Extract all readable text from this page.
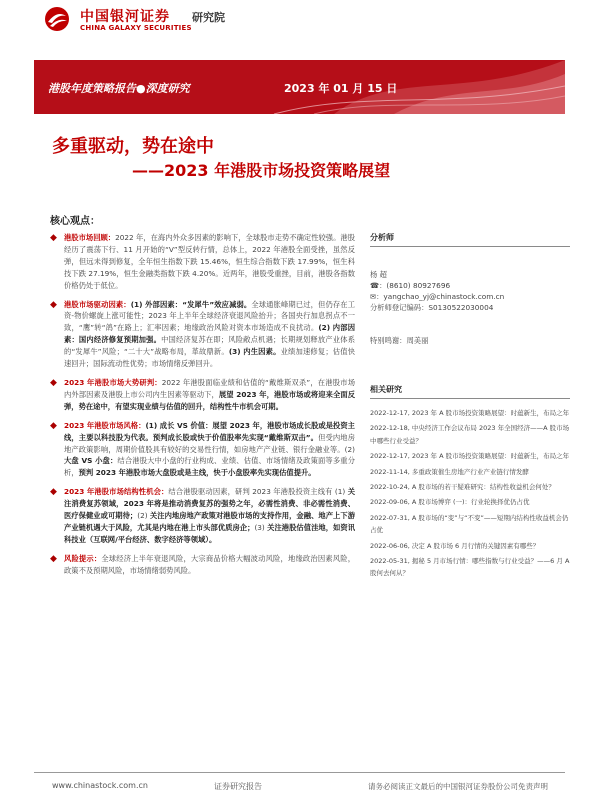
中国银河证券
CHINA GALAXY SECURITIES
研究院
港股年度策略报告●深度研究	2023 年 01 月 15 日
多重驱动，势在途中
——2023 年港股市场投资策略展望
核心观点：
◆ 港股市场回顾：2022 年，在海内外众多因素的影响下，全球股市走势不确定性较强。港股经历了震荡下行、11 月开始的“V”型反转行情，总体上，2022 年港股全面受挫，虽然反弹，但远未得到修复，全年恒生指数下跌 15.46%，恒生综合指数下跌 17.99%，恒生科技下跌 27.19%，恒生金融类指数下跌 4.20%。近两年，港股受重挫，目前，港股各指数价格仍处于低位。
◆ 港股市场驱动因素：(1) 外部因素：“发犀牛”效应减弱。全球通胀峰期已过，但仍存在工资-物价螺旋上涨可能性；2023 年上半年全球经济衰退风险抬升；各国央行加息拐点不一致，“鹰”转“鸽”在路上；汇率因素；地缘政治风险对资本市场造成不良扰动。(2) 内部因素：国内经济修复预期加强。中国经济复苏在即；风险敞点机遇；长期规划释放产业体系的“发犀牛”风险；“二十大”战略布局，革故鼎新。(3) 内生因素。业绩加速修复；估值快速回升；国际流动性优势；市场情绪反弹回升。
◆ 2023 年港股市场大势研判：2022 年港股面临业绩和估值的“戴维斯双杀”，在港股市场内外部因素及港股上市公司内生因素等驱动下，展望 2023 年，港股市场或将迎来全面反弹，势在途中，有望实现业绩与估值的回升，结构性牛市机会可期。
◆ 2023 年港股市场风格：(1) 成长 VS 价值：展望 2023 年，港股市场成长股或是投资主线，主要以科技股为代表。预判成长股或快于价值股率先实现“戴维斯双击”。但受内地房地产政策影响，周期价值股具有较好的交易性行情，如房地产产业链、银行金融业等。(2) 大盘 VS 小盘：结合港股大中小盘的行业构成、业绩、估值、市场情绪及政策面等多重分析，预判 2023 年港股市场大盘股或是主线，快于小盘股率先实现估值提升。
◆ 2023 年港股市场结构性机会：结合港股驱动因素，研判 2023 年港股投资主线有 (1) 关注消费复苏领域，2023 年将是推动消费复苏的强势之年，必需性消费、非必需性消费、医疗保健业或可期待；(2) 关注内地房地产政策对港股市场的支持作用，金融、地产上下游产业链机遇大于风险，尤其是内地在港上市头部优质房企；(3) 关注港股估值洼地，如资讯科技业（互联网/平台经济、数字经济等领域）。
◆ 风险提示：全球经济上半年衰退风险，大宗商品价格大幅波动风险，地缘政治因素风险，政策不及预期风险，市场情绪弱势风险。
分析师
杨 超
☎：(8610) 80927696
✉：yangchao_yj@chinastock.com.cn
分析师登记编码：S0130522030004
特别鸣谢：周美丽
相关研究
2022-12-17, 2023 年 A 股市场投资策略展望：时蕴新生，布局之年
2022-12-18, 中央经济工作会议布局 2023 年全国经济——A 股市场中哪些行业受益？
2022-12-17, 2023 年 A 股市场投资策略展望：时蕴新生，布局之年
2022-11-14, 多重政策催生房地产行业产业链行情发酵
2022-10-24, A 股市场的若干疑难研究：结构性收益机会何处？
2022-09-06, A 股市场博弈 (一)：行业轮换择优仍占优
2022-07-31, A 股市场的“变”与“不变”——短期内结构性收益机会仍占优
2022-06-06, 决定 A 股市场 6 月行情的关键因素有哪些？
2022-05-31, 揭秘 5 月市场行情：哪些指数与行业受益？——6 月 A 股何去何从？
www.chinastock.com.cn	证券研究报告	请务必阅读正文最后的中国银河证券股份公司免责声明
